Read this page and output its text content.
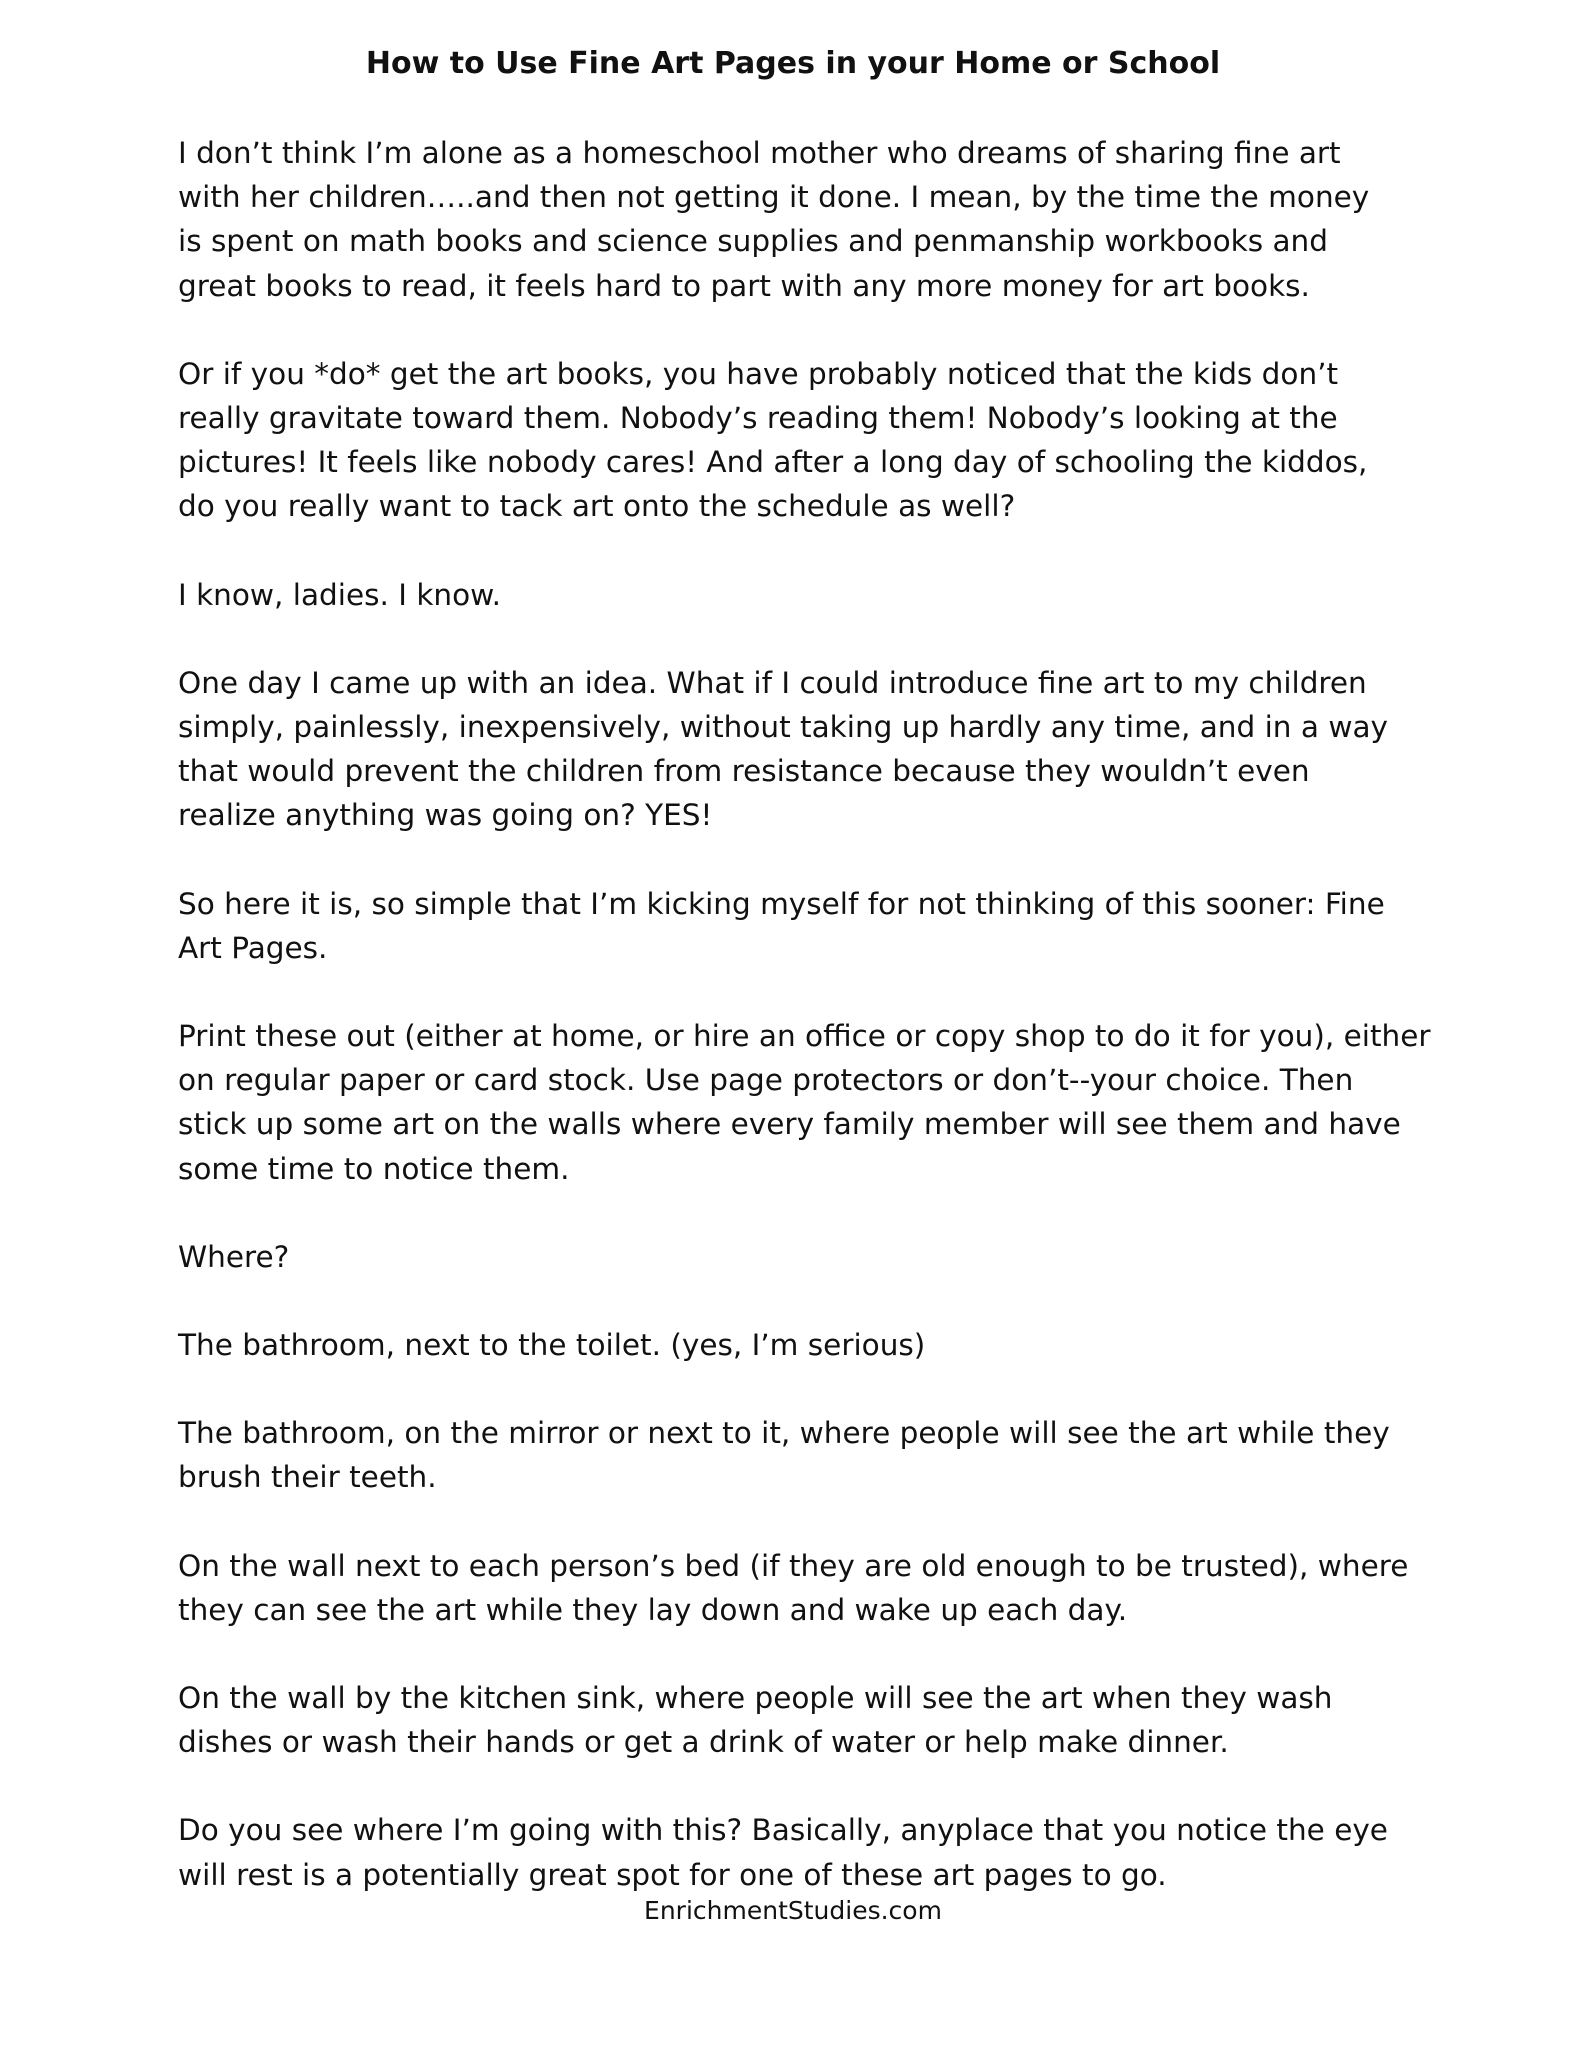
How to Use Fine Art Pages in your Home or School

I don’t think I’m alone as a homeschool mother who dreams of sharing fine art
with her children…..and then not getting it done. I mean, by the time the money
is spent on math books and science supplies and penmanship workbooks and
great books to read, it feels hard to part with any more money for art books.

Or if you *do* get the art books, you have probably noticed that the kids don’t
really gravitate toward them. Nobody’s reading them! Nobody’s looking at the
pictures! It feels like nobody cares! And after a long day of schooling the kiddos,
do you really want to tack art onto the schedule as well?

I know, ladies. I know.

One day I came up with an idea. What if I could introduce fine art to my children
simply, painlessly, inexpensively, without taking up hardly any time, and in a way
that would prevent the children from resistance because they wouldn’t even
realize anything was going on? YES!

So here it is, so simple that I’m kicking myself for not thinking of this sooner: Fine
Art Pages.

Print these out (either at home, or hire an office or copy shop to do it for you), either
on regular paper or card stock. Use page protectors or don’t--your choice. Then
stick up some art on the walls where every family member will see them and have
some time to notice them.

Where?

The bathroom, next to the toilet. (yes, I’m serious)

The bathroom, on the mirror or next to it, where people will see the art while they
brush their teeth.

On the wall next to each person’s bed (if they are old enough to be trusted), where
they can see the art while they lay down and wake up each day.

On the wall by the kitchen sink, where people will see the art when they wash
dishes or wash their hands or get a drink of water or help make dinner.

Do you see where I’m going with this? Basically, anyplace that you notice the eye
will rest is a potentially great spot for one of these art pages to go.

EnrichmentStudies.com
